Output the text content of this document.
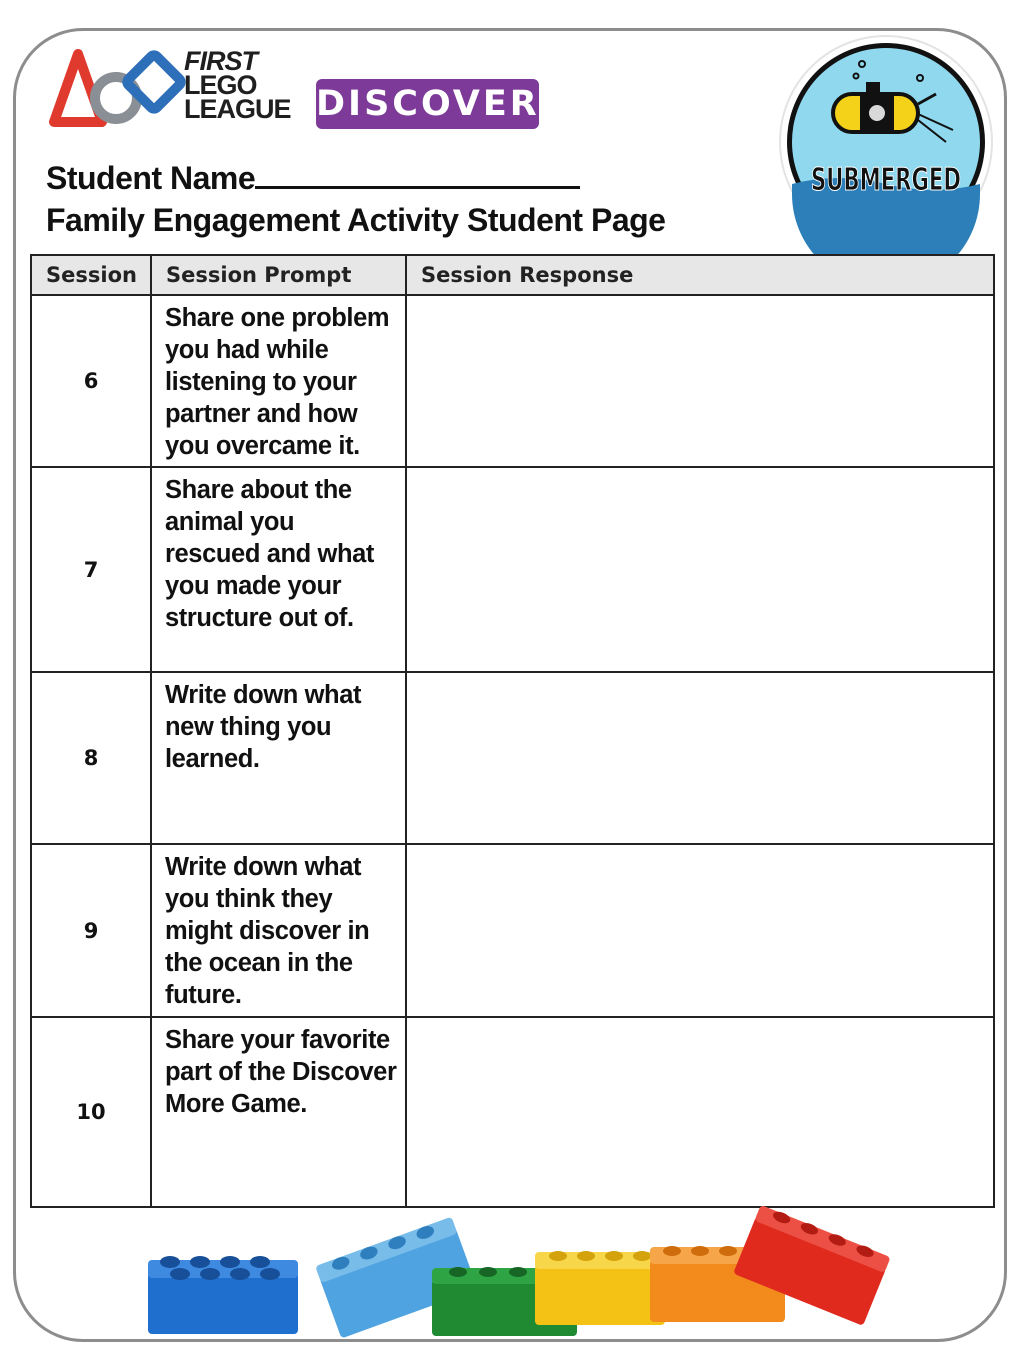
FIRST
LEGO
LEAGUE DISCOVER
SUBMERGED
Student Name
Family Engagement Activity Student Page
Session	Session Prompt	Session Response
6	Share one problem you had while listening to your partner and how you overcame it.	
7	Share about the animal you rescued and what you made your structure out of.	

8	Write down what new thing you learned.	
9	Write down what you think they might discover in the ocean in the future.	
10	Share your favorite part of the Discover More Game.	
